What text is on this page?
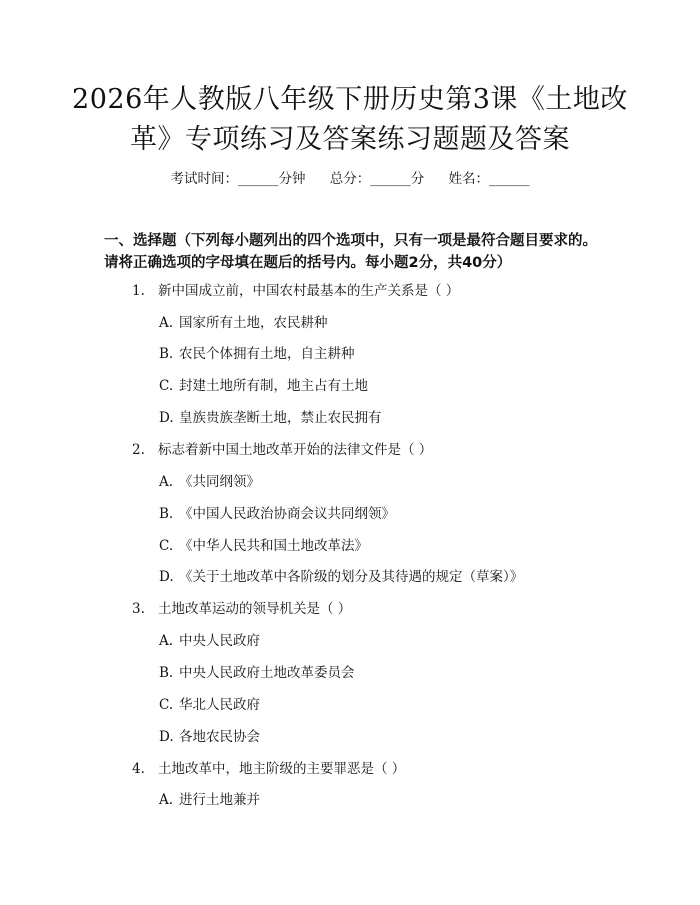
2026年人教版八年级下册历史第3课《土地改革》专项练习及答案练习题题及答案
考试时间：______分钟 总分：______分 姓名：______
一、选择题（下列每小题列出的四个选项中，只有一项是最符合题目要求的。请将正确选项的字母填在题后的括号内。每小题2分，共40分）
1. 新中国成立前，中国农村最基本的生产关系是（ ）
A. 国家所有土地，农民耕种
B. 农民个体拥有土地，自主耕种
C. 封建土地所有制，地主占有土地
D. 皇族贵族垄断土地，禁止农民拥有
2. 标志着新中国土地改革开始的法律文件是（ ）
A. 《共同纲领》
B. 《中国人民政治协商会议共同纲领》
C. 《中华人民共和国土地改革法》
D. 《关于土地改革中各阶级的划分及其待遇的规定（草案）》
3. 土地改革运动的领导机关是（ ）
A. 中央人民政府
B. 中央人民政府土地改革委员会
C. 华北人民政府
D. 各地农民协会
4. 土地改革中，地主阶级的主要罪恶是（ ）
A. 进行土地兼并
